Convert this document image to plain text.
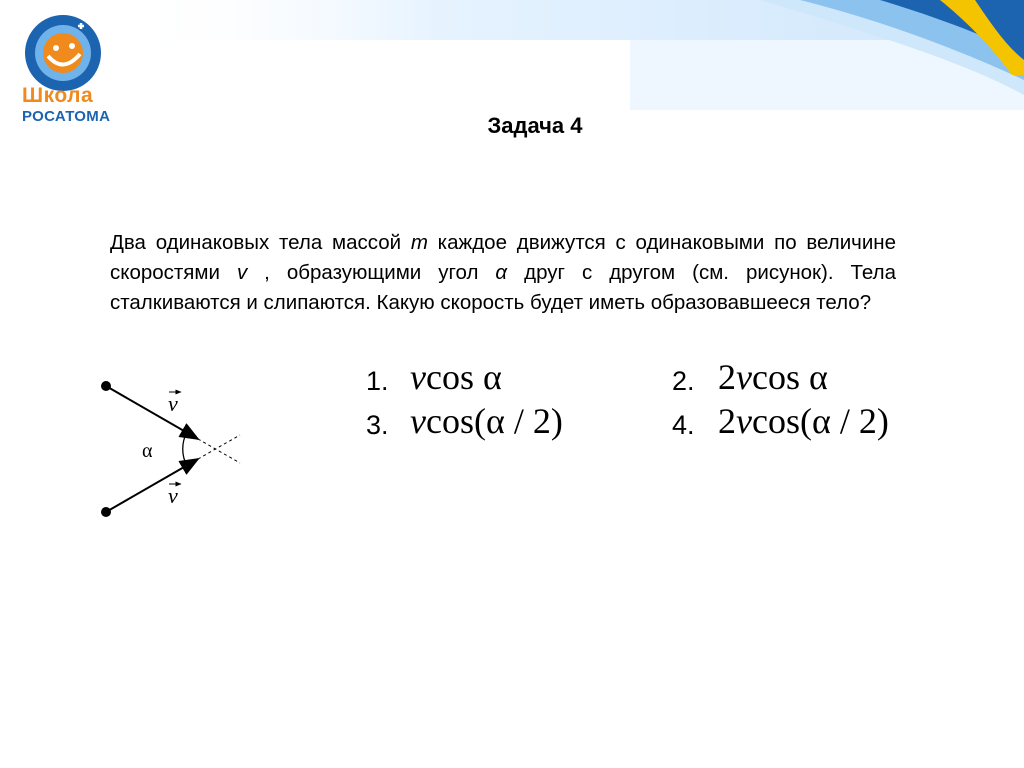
Школа
РОСАТОМА	Задача 4
Два одинаковых тела массой m каждое движутся с одинаковыми по величине скоростями v , образующими угол α друг с другом (см. рисунок). Тела сталкиваются и слипаются. Какую скорость будет иметь образовавшееся тело?
v
v
α
1. vcos α	2. 2vcos α
3. vcos(α / 2)	4. 2vcos(α / 2)
